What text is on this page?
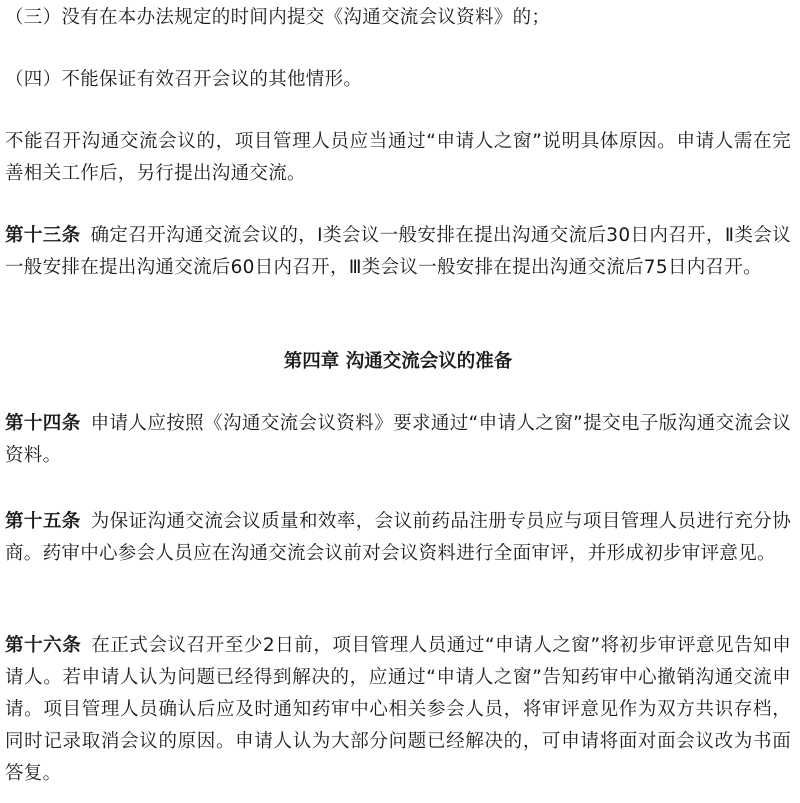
（三）没有在本办法规定的时间内提交《沟通交流会议资料》的；

（四）不能保证有效召开会议的其他情形。

不能召开沟通交流会议的，项目管理人员应当通过“申请人之窗”说明具体原因。申请人需在完善相关工作后，另行提出沟通交流。

第十三条 确定召开沟通交流会议的，Ⅰ类会议一般安排在提出沟通交流后30日内召开，Ⅱ类会议一般安排在提出沟通交流后60日内召开，Ⅲ类会议一般安排在提出沟通交流后75日内召开。

第四章 沟通交流会议的准备

第十四条 申请人应按照《沟通交流会议资料》要求通过“申请人之窗”提交电子版沟通交流会议资料。

第十五条 为保证沟通交流会议质量和效率，会议前药品注册专员应与项目管理人员进行充分协商。药审中心参会人员应在沟通交流会议前对会议资料进行全面审评，并形成初步审评意见。

第十六条 在正式会议召开至少2日前，项目管理人员通过“申请人之窗”将初步审评意见告知申请人。若申请人认为问题已经得到解决的，应通过“申请人之窗”告知药审中心撤销沟通交流申请。项目管理人员确认后应及时通知药审中心相关参会人员，将审评意见作为双方共识存档，同时记录取消会议的原因。申请人认为大部分问题已经解决的，可申请将面对面会议改为书面答复。
